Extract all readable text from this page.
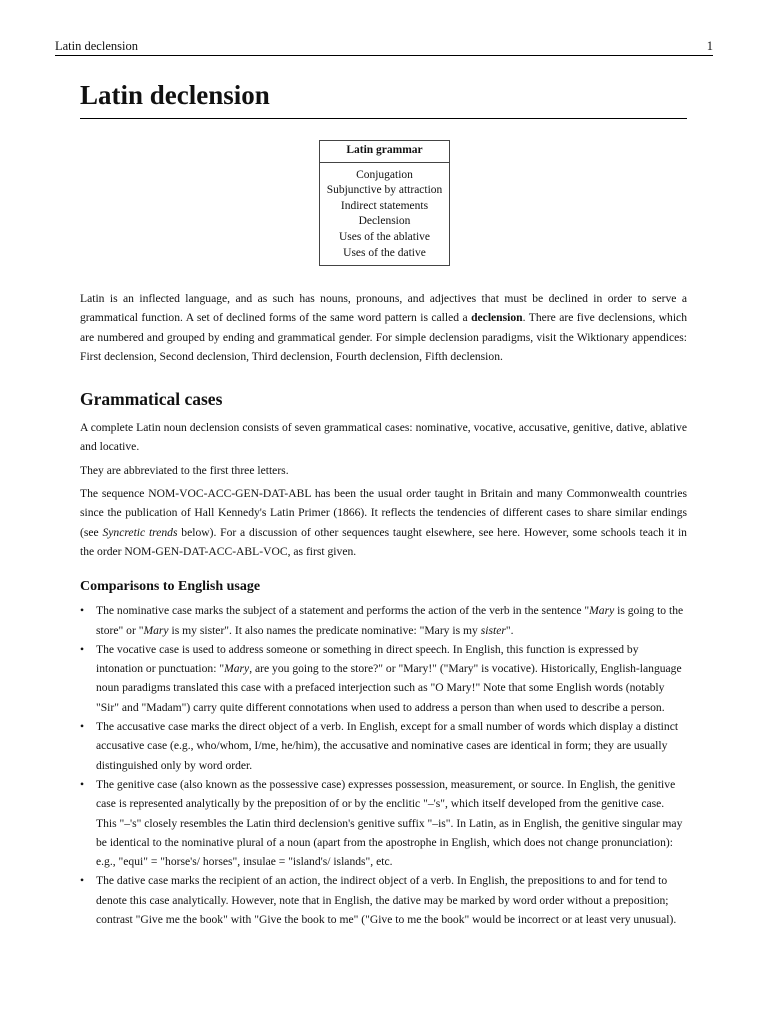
Latin declension	1
Latin declension
Latin grammar
Conjugation
Subjunctive by attraction
Indirect statements
Declension
Uses of the ablative
Uses of the dative

Latin is an inflected language, and as such has nouns, pronouns, and adjectives that must be declined in order to serve a grammatical function. A set of declined forms of the same word pattern is called a declension. There are five declensions, which are numbered and grouped by ending and grammatical gender. For simple declension paradigms, visit the Wiktionary appendices: First declension, Second declension, Third declension, Fourth declension, Fifth declension.

Grammatical cases

A complete Latin noun declension consists of seven grammatical cases: nominative, vocative, accusative, genitive, dative, ablative and locative.

They are abbreviated to the first three letters.

The sequence NOM-VOC-ACC-GEN-DAT-ABL has been the usual order taught in Britain and many Commonwealth countries since the publication of Hall Kennedy's Latin Primer (1866). It reflects the tendencies of different cases to share similar endings (see Syncretic trends below). For a discussion of other sequences taught elsewhere, see here. However, some schools teach it in the order NOM-GEN-DAT-ACC-ABL-VOC, as first given.

Comparisons to English usage
• The nominative case marks the subject of a statement and performs the action of the verb in the sentence "Mary is going to the store" or "Mary is my sister". It also names the predicate nominative: "Mary is my sister".
• The vocative case is used to address someone or something in direct speech. In English, this function is expressed by intonation or punctuation: "Mary, are you going to the store?" or "Mary!" ("Mary" is vocative). Historically, English-language noun paradigms translated this case with a prefaced interjection such as "O Mary!" Note that some English words (notably "Sir" and "Madam") carry quite different connotations when used to address a person than when used to describe a person.
• The accusative case marks the direct object of a verb. In English, except for a small number of words which display a distinct accusative case (e.g., who/whom, I/me, he/him), the accusative and nominative cases are identical in form; they are usually distinguished only by word order.
• The genitive case (also known as the possessive case) expresses possession, measurement, or source. In English, the genitive case is represented analytically by the preposition of or by the enclitic "–'s", which itself developed from the genitive case. This "–'s" closely resembles the Latin third declension's genitive suffix "–is". In Latin, as in English, the genitive singular may be identical to the nominative plural of a noun (apart from the apostrophe in English, which does not change pronunciation): e.g., "equi" = "horse's/ horses", insulae = "island's/ islands", etc.
• The dative case marks the recipient of an action, the indirect object of a verb. In English, the prepositions to and for tend to denote this case analytically. However, note that in English, the dative may be marked by word order without a preposition; contrast "Give me the book" with "Give the book to me" ("Give to me the book" would be incorrect or at least very unusual).
